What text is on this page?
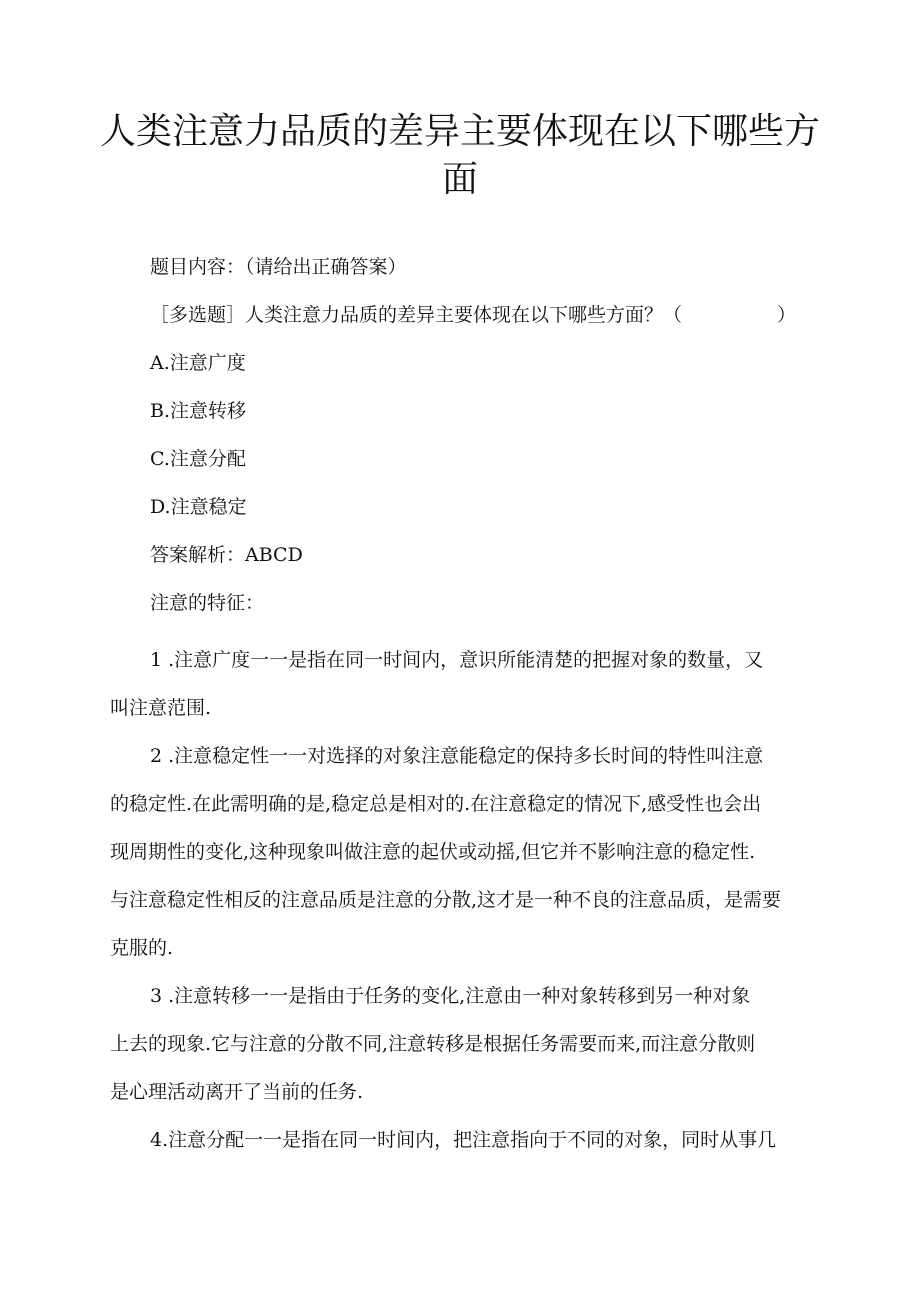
人类注意力品质的差异主要体现在以下哪些方
面

题目内容：（请给出正确答案）

［多选题］人类注意力品质的差异主要体现在以下哪些方面？（　　　　　）

A.注意广度

B.注意转移

C.注意分配

D.注意稳定

答案解析：ABCD

注意的特征：

1 .注意广度一一是指在同一时间内，意识所能清楚的把握对象的数量，又
叫注意范围.
2 .注意稳定性一一对选择的对象注意能稳定的保持多长时间的特性叫注意
的稳定性.在此需明确的是,稳定总是相对的.在注意稳定的情况下,感受性也会出
现周期性的变化,这种现象叫做注意的起伏或动摇,但它并不影响注意的稳定性.
与注意稳定性相反的注意品质是注意的分散,这才是一种不良的注意品质，是需要
克服的.
3 .注意转移一一是指由于任务的变化,注意由一种对象转移到另一种对象
上去的现象.它与注意的分散不同,注意转移是根据任务需要而来,而注意分散则
是心理活动离开了当前的任务.
4.注意分配一一是指在同一时间内，把注意指向于不同的对象，同时从事几
